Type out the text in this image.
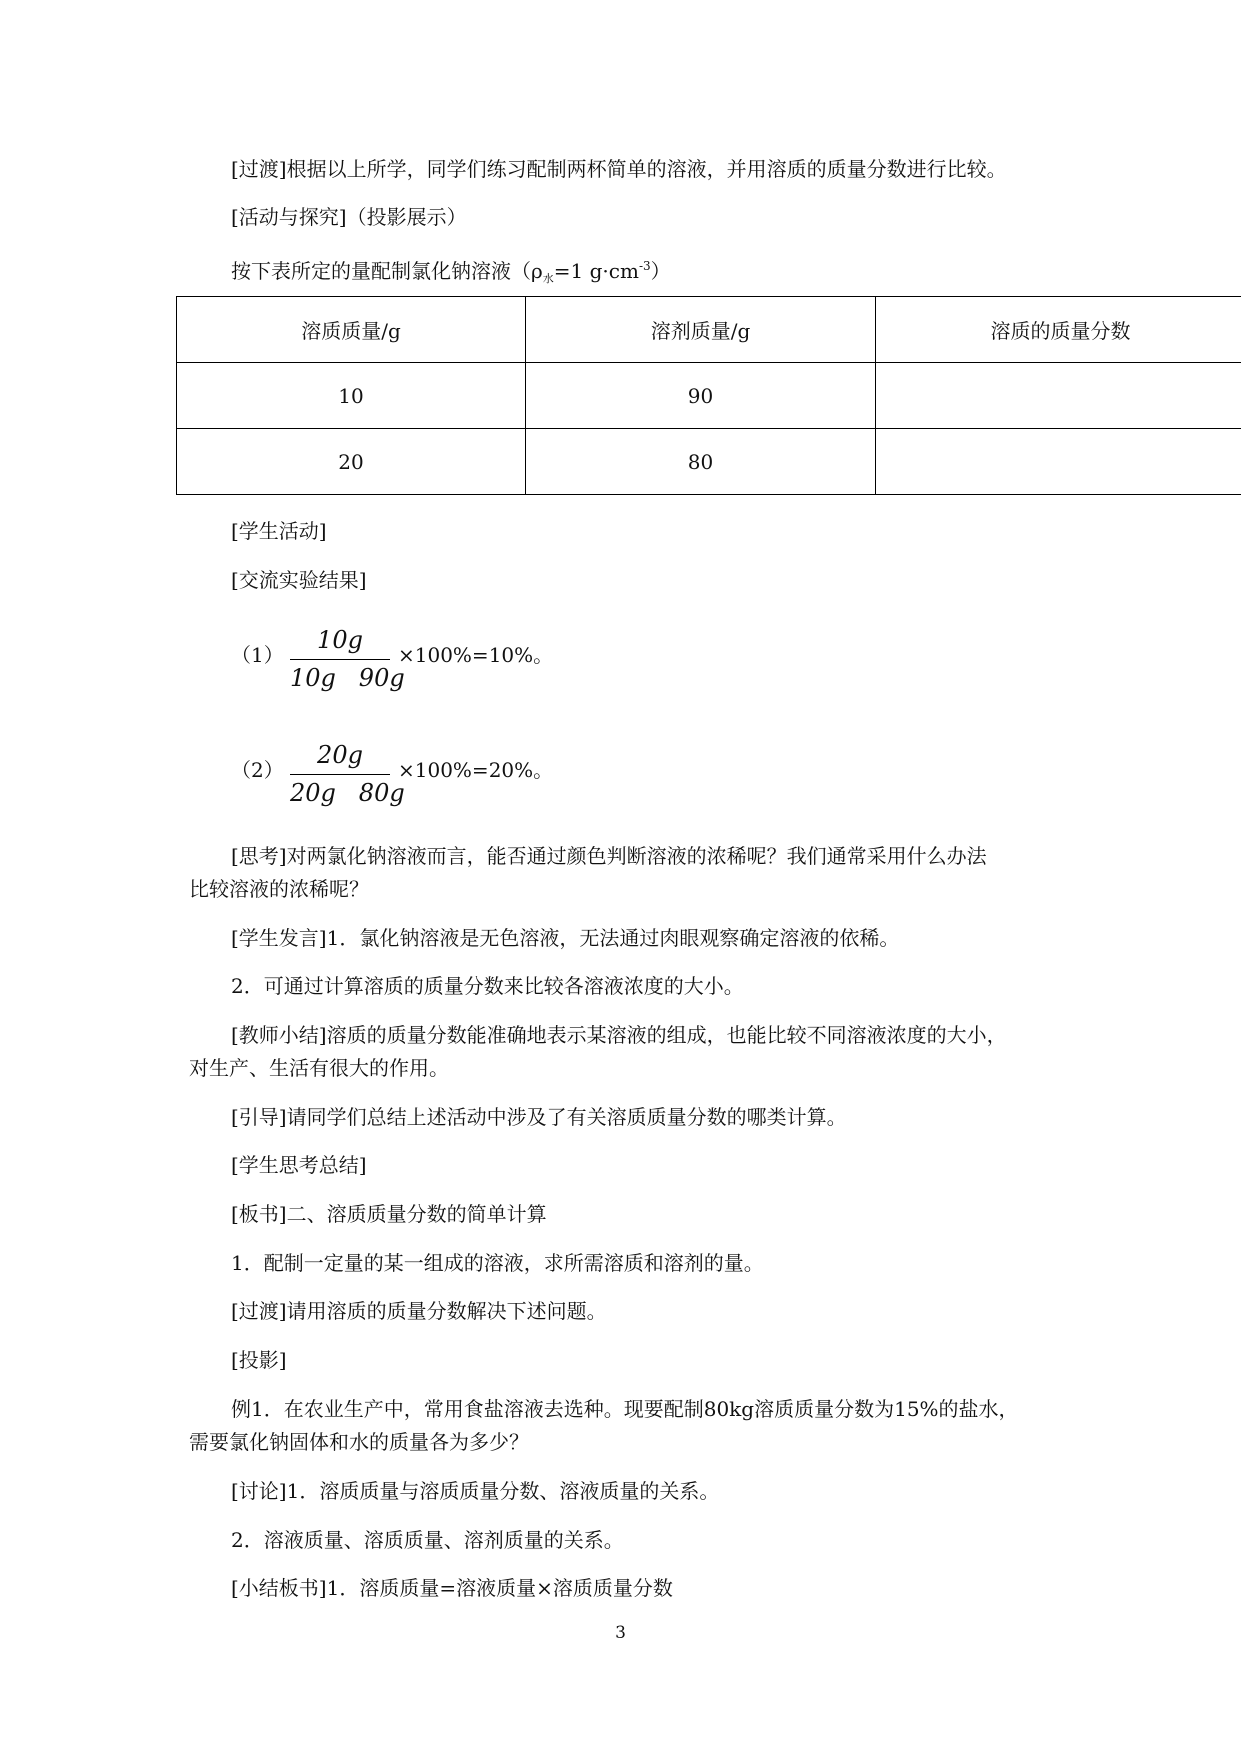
[过渡]根据以上所学，同学们练习配制两杯简单的溶液，并用溶质的质量分数进行比较。
[活动与探究]（投影展示）
按下表所定的量配制氯化钠溶液（$\rho_水=1$ $g\cdot cm^{-3}$）
溶质质量/g	溶剂质量/g	溶质的质量分数
10	90	
20	80	
[学生活动]
[交流实验结果]
（1）
10g
10g 90g
×100%=10%。
（2）
20g
20g 80g
×100%=20%。
[思考]对两氯化钠溶液而言，能否通过颜色判断溶液的浓稀呢？我们通常采用什么办法
比较溶液的浓稀呢？
[学生发言]1．氯化钠溶液是无色溶液，无法通过肉眼观察确定溶液的依稀。
2．可通过计算溶质的质量分数来比较各溶液浓度的大小。
[教师小结]溶质的质量分数能准确地表示某溶液的组成，也能比较不同溶液浓度的大小，
对生产、生活有很大的作用。
[引导]请同学们总结上述活动中涉及了有关溶质质量分数的哪类计算。
[学生思考总结]
[板书]二、溶质质量分数的简单计算
1．配制一定量的某一组成的溶液，求所需溶质和溶剂的量。
[过渡]请用溶质的质量分数解决下述问题。
[投影]
例1．在农业生产中，常用食盐溶液去选种。现要配制80kg溶质质量分数为15%的盐水，
需要氯化钠固体和水的质量各为多少？
[讨论]1．溶质质量与溶质质量分数、溶液质量的关系。
2．溶液质量、溶质质量、溶剂质量的关系。
[小结板书]1．溶质质量=溶液质量×溶质质量分数
3
